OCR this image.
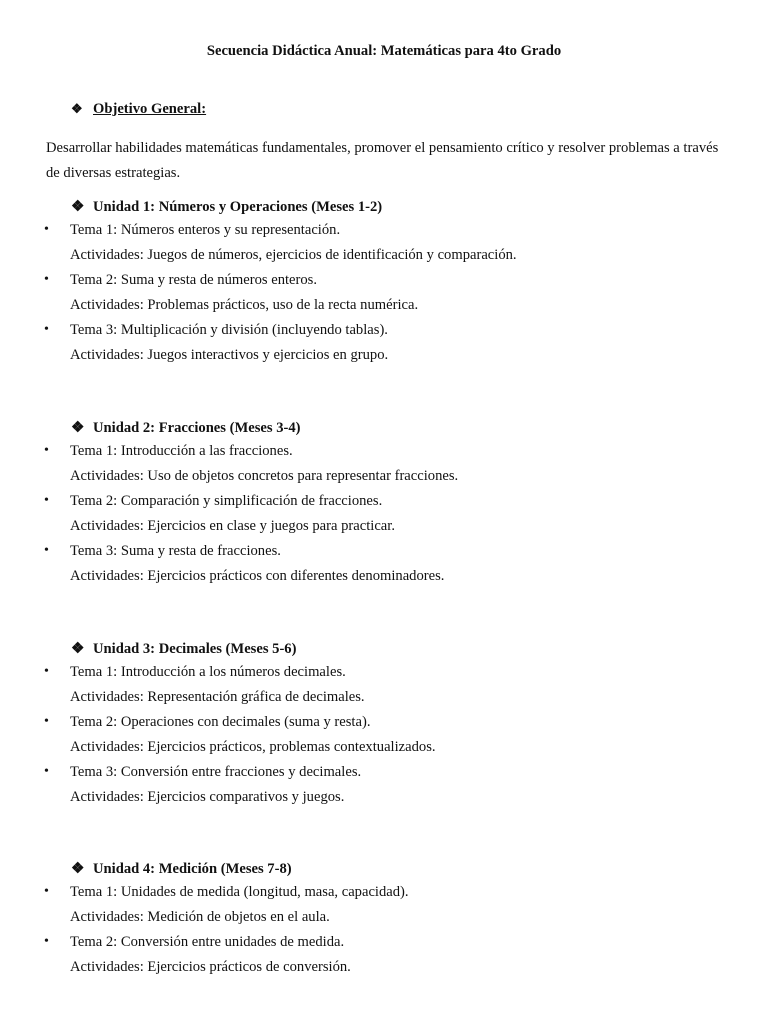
Secuencia Didáctica Anual: Matemáticas para 4to Grado
❖ Objetivo General:
Desarrollar habilidades matemáticas fundamentales, promover el pensamiento crítico y resolver problemas a través de diversas estrategias.
❖ Unidad 1: Números y Operaciones (Meses 1-2)
• Tema 1: Números enteros y su representación.
Actividades: Juegos de números, ejercicios de identificación y comparación.
• Tema 2: Suma y resta de números enteros.
Actividades: Problemas prácticos, uso de la recta numérica.
• Tema 3: Multiplicación y división (incluyendo tablas).
Actividades: Juegos interactivos y ejercicios en grupo.
❖ Unidad 2: Fracciones (Meses 3-4)
• Tema 1: Introducción a las fracciones.
Actividades: Uso de objetos concretos para representar fracciones.
• Tema 2: Comparación y simplificación de fracciones.
Actividades: Ejercicios en clase y juegos para practicar.
• Tema 3: Suma y resta de fracciones.
Actividades: Ejercicios prácticos con diferentes denominadores.
❖ Unidad 3: Decimales (Meses 5-6)
• Tema 1: Introducción a los números decimales.
Actividades: Representación gráfica de decimales.
• Tema 2: Operaciones con decimales (suma y resta).
Actividades: Ejercicios prácticos, problemas contextualizados.
• Tema 3: Conversión entre fracciones y decimales.
Actividades: Ejercicios comparativos y juegos.
❖ Unidad 4: Medición (Meses 7-8)
• Tema 1: Unidades de medida (longitud, masa, capacidad).
Actividades: Medición de objetos en el aula.
• Tema 2: Conversión entre unidades de medida.
Actividades: Ejercicios prácticos de conversión.
